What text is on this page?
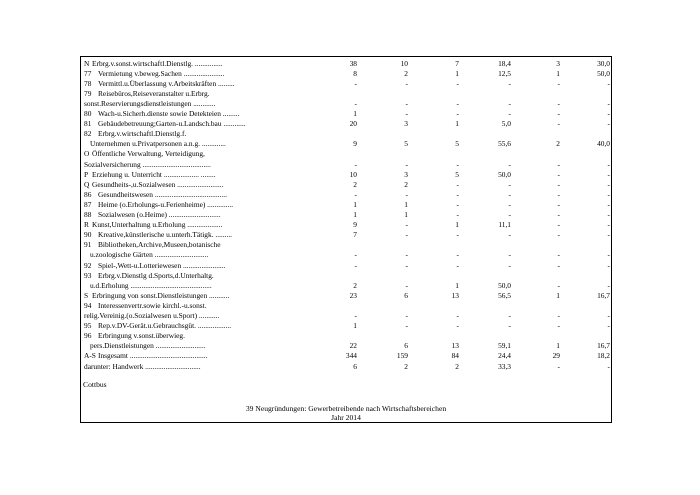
N Erbrg.v.sonst.wirtschaftl.Dienstlg. ...............	38	10	7	18,4	3	30,0
77 Vermietung v.beweg.Sachen ......................	8	2	1	12,5	1	50,0
78 Vermittl.u.Überlassung v.Arbeitskräften .........	-	-	-	-	-	-
79 Reisebüros,Reiseveranstalter u.Erbrg.
sonst.Reservierungsdienstleistungen ............	-	-	-	-	-	-
80 Wach-u.Sicherh.dienste sowie Detekteien .........	1	-	-	-	-	-
81 Gebäudebetreuung;Garten-u.Landsch.bau ............	20	3	1	5,0	-	-
82 Erbrg.v.wirtschaftl.Dienstlg.f.
Unternehmen u.Privatpersonen a.n.g. .............	9	5	5	55,6	2	40,0
O Öffentliche Verwaltung, Verteidigung,
Sozialversicherung .....................................	-	-	-	-	-	-
P Erziehung u. Unterricht ................... ........	10	3	5	50,0	-	-
Q Gesundheits-,u.Sozialwesen .........................	2	2	-	-	-	-
86 Gesundheitswesen .......................................	-	-	-	-	-	-
87 Heime (o.Erholungs-u.Ferienheime) ..............	1	1	-	-	-	-
88 Sozialwesen (o.Heime) ............................	1	1	-	-	-	-
R Kunst,Unterhaltung u.Erholung ...................	9	-	1	11,1	-	-
90 Kreative,künstlerische u.unterh.Tätigk. .........	7	-	-	-	-	-
91 Bibliotheken,Archive,Museen,botanische
u.zoologische Gärten .............................	-	-	-	-	-	-
92 Spiel-,Wett-u.Lotteriewesen .......................	-	-	-	-	-	-
93 Erbrg.v.Dienstlg d.Sports,d.Unterhaltg.
u.d.Erholung ............................................	2	-	1	50,0	-	-
S Erbringung von sonst.Dienstleistungen ...........	23	6	13	56,5	1	16,7
94 Interessenvertr.sowie kirchl.-u.sonst.
relig.Vereinig.(o.Sozialwesen u.Sport) ...........	-	-	-	-	-	-
95 Rep.v.DV-Gerät.u.Gebrauchsgüt. ..................	1	-	-	-	-	-
96 Erbringung v.sonst.überwieg.
pers.Dienstleistungen ...........................	22	6	13	59,1	1	16,7
A-S Insgesamt ..........................................	344	159	84	24,4	29	18,2
darunter: Handwerk ..............................	6	2	2	33,3	-	-
Cottbus
39 Neugründungen: Gewerbetreibende nach Wirtschaftsbereichen
Jahr 2014
